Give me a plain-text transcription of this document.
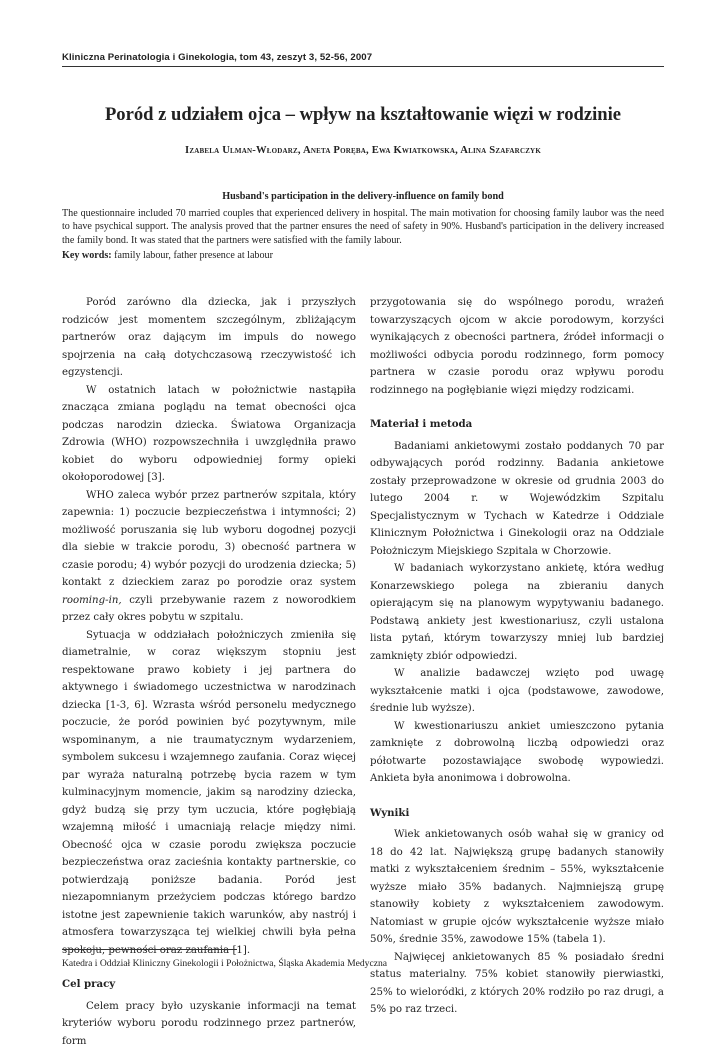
Kliniczna Perinatologia i Ginekologia, tom 43, zeszyt 3, 52-56, 2007
Poród z udziałem ojca – wpływ na kształtowanie więzi w rodzinie
Izabela Ulman-Włodarz, Aneta Poręba, Ewa Kwiatkowska, Alina Szafarczyk
Husband's participation in the delivery-influence on family bond
The questionnaire included 70 married couples that experienced delivery in hospital. The main motivation for choosing family laubor was the need to have psychical support. The analysis proved that the partner ensures the need of safety in 90%. Husband's participation in the delivery increased the family bond. It was stated that the partners were satisfied with the family labour.
Key words: family labour, father presence at labour

Poród zarówno dla dziecka, jak i przyszłych rodziców jest momentem szczególnym, zbliżającym partnerów oraz dającym im impuls do nowego spojrzenia na całą dotychczasową rzeczywistość ich egzystencji.

W ostatnich latach w położnictwie nastąpiła znacząca zmiana poglądu na temat obecności ojca podczas narodzin dziecka. Światowa Organizacja Zdrowia (WHO) rozpowszechniła i uwzględniła prawo kobiet do wyboru odpowiedniej formy opieki okołoporodowej [3].

WHO zaleca wybór przez partnerów szpitala, który zapewnia: 1) poczucie bezpieczeństwa i intymności; 2) możliwość poruszania się lub wyboru dogodnej pozycji dla siebie w trakcie porodu, 3) obecność partnera w czasie porodu; 4) wybór pozycji do urodzenia dziecka; 5) kontakt z dzieckiem zaraz po porodzie oraz system rooming-in, czyli przebywanie razem z noworodkiem przez cały okres pobytu w szpitalu.

Sytuacja w oddziałach położniczych zmieniła się diametralnie, w coraz większym stopniu jest respektowane prawo kobiety i jej partnera do aktywnego i świadomego uczestnictwa w narodzinach dziecka [1-3, 6]. Wzrasta wśród personelu medycznego poczucie, że poród powinien być pozytywnym, mile wspominanym, a nie traumatycznym wydarzeniem, symbolem sukcesu i wzajemnego zaufania. Coraz więcej par wyraża naturalną potrzebę bycia razem w tym kulminacyjnym momencie, jakim są narodziny dziecka, gdyż budzą się przy tym uczucia, które pogłębiają wzajemną miłość i umacniają relacje między nimi. Obecność ojca w czasie porodu zwiększa poczucie bezpieczeństwa oraz zacieśnia kontakty partnerskie, co potwierdzają poniższe badania. Poród jest niezapomnianym przeżyciem podczas którego bardzo istotne jest zapewnienie takich warunków, aby nastrój i atmosfera towarzysząca tej wielkiej chwili była pełna spokoju, pewności oraz zaufania [1].

Cel pracy

Celem pracy było uzyskanie informacji na temat kryteriów wyboru porodu rodzinnego przez partnerów, form

przygotowania się do wspólnego porodu, wrażeń towarzyszących ojcom w akcie porodowym, korzyści wynikających z obecności partnera, źródeł informacji o możliwości odbycia porodu rodzinnego, form pomocy partnera w czasie porodu oraz wpływu porodu rodzinnego na pogłębianie więzi między rodzicami.

Materiał i metoda

Badaniami ankietowymi zostało poddanych 70 par odbywających poród rodzinny. Badania ankietowe zostały przeprowadzone w okresie od grudnia 2003 do lutego 2004 r. w Wojewódzkim Szpitalu Specjalistycznym w Tychach w Katedrze i Oddziale Klinicznym Położnictwa i Ginekologii oraz na Oddziale Położniczym Miejskiego Szpitala w Chorzowie.

W badaniach wykorzystano ankietę, która według Konarzewskiego polega na zbieraniu danych opierającym się na planowym wypytywaniu badanego. Podstawą ankiety jest kwestionariusz, czyli ustalona lista pytań, którym towarzyszy mniej lub bardziej zamknięty zbiór odpowiedzi.

W analizie badawczej wzięto pod uwagę wykształcenie matki i ojca (podstawowe, zawodowe, średnie lub wyższe).

W kwestionariuszu ankiet umieszczono pytania zamknięte z dobrowolną liczbą odpowiedzi oraz półotwarte pozostawiające swobodę wypowiedzi. Ankieta była anonimowa i dobrowolna.

Wyniki

Wiek ankietowanych osób wahał się w granicy od 18 do 42 lat. Największą grupę badanych stanowiły matki z wykształceniem średnim – 55%, wykształcenie wyższe miało 35% badanych. Najmniejszą grupę stanowiły kobiety z wykształceniem zawodowym. Natomiast w grupie ojców wykształcenie wyższe miało 50%, średnie 35%, zawodowe 15% (tabela 1).

Najwięcej ankietowanych 85 % posiadało średni status materialny. 75% kobiet stanowiły pierwiastki, 25% to wieloródki, z których 20% rodziło po raz drugi, a 5% po raz trzeci.

Katedra i Oddział Kliniczny Ginekologii i Położnictwa, Śląska Akademia Medyczna
